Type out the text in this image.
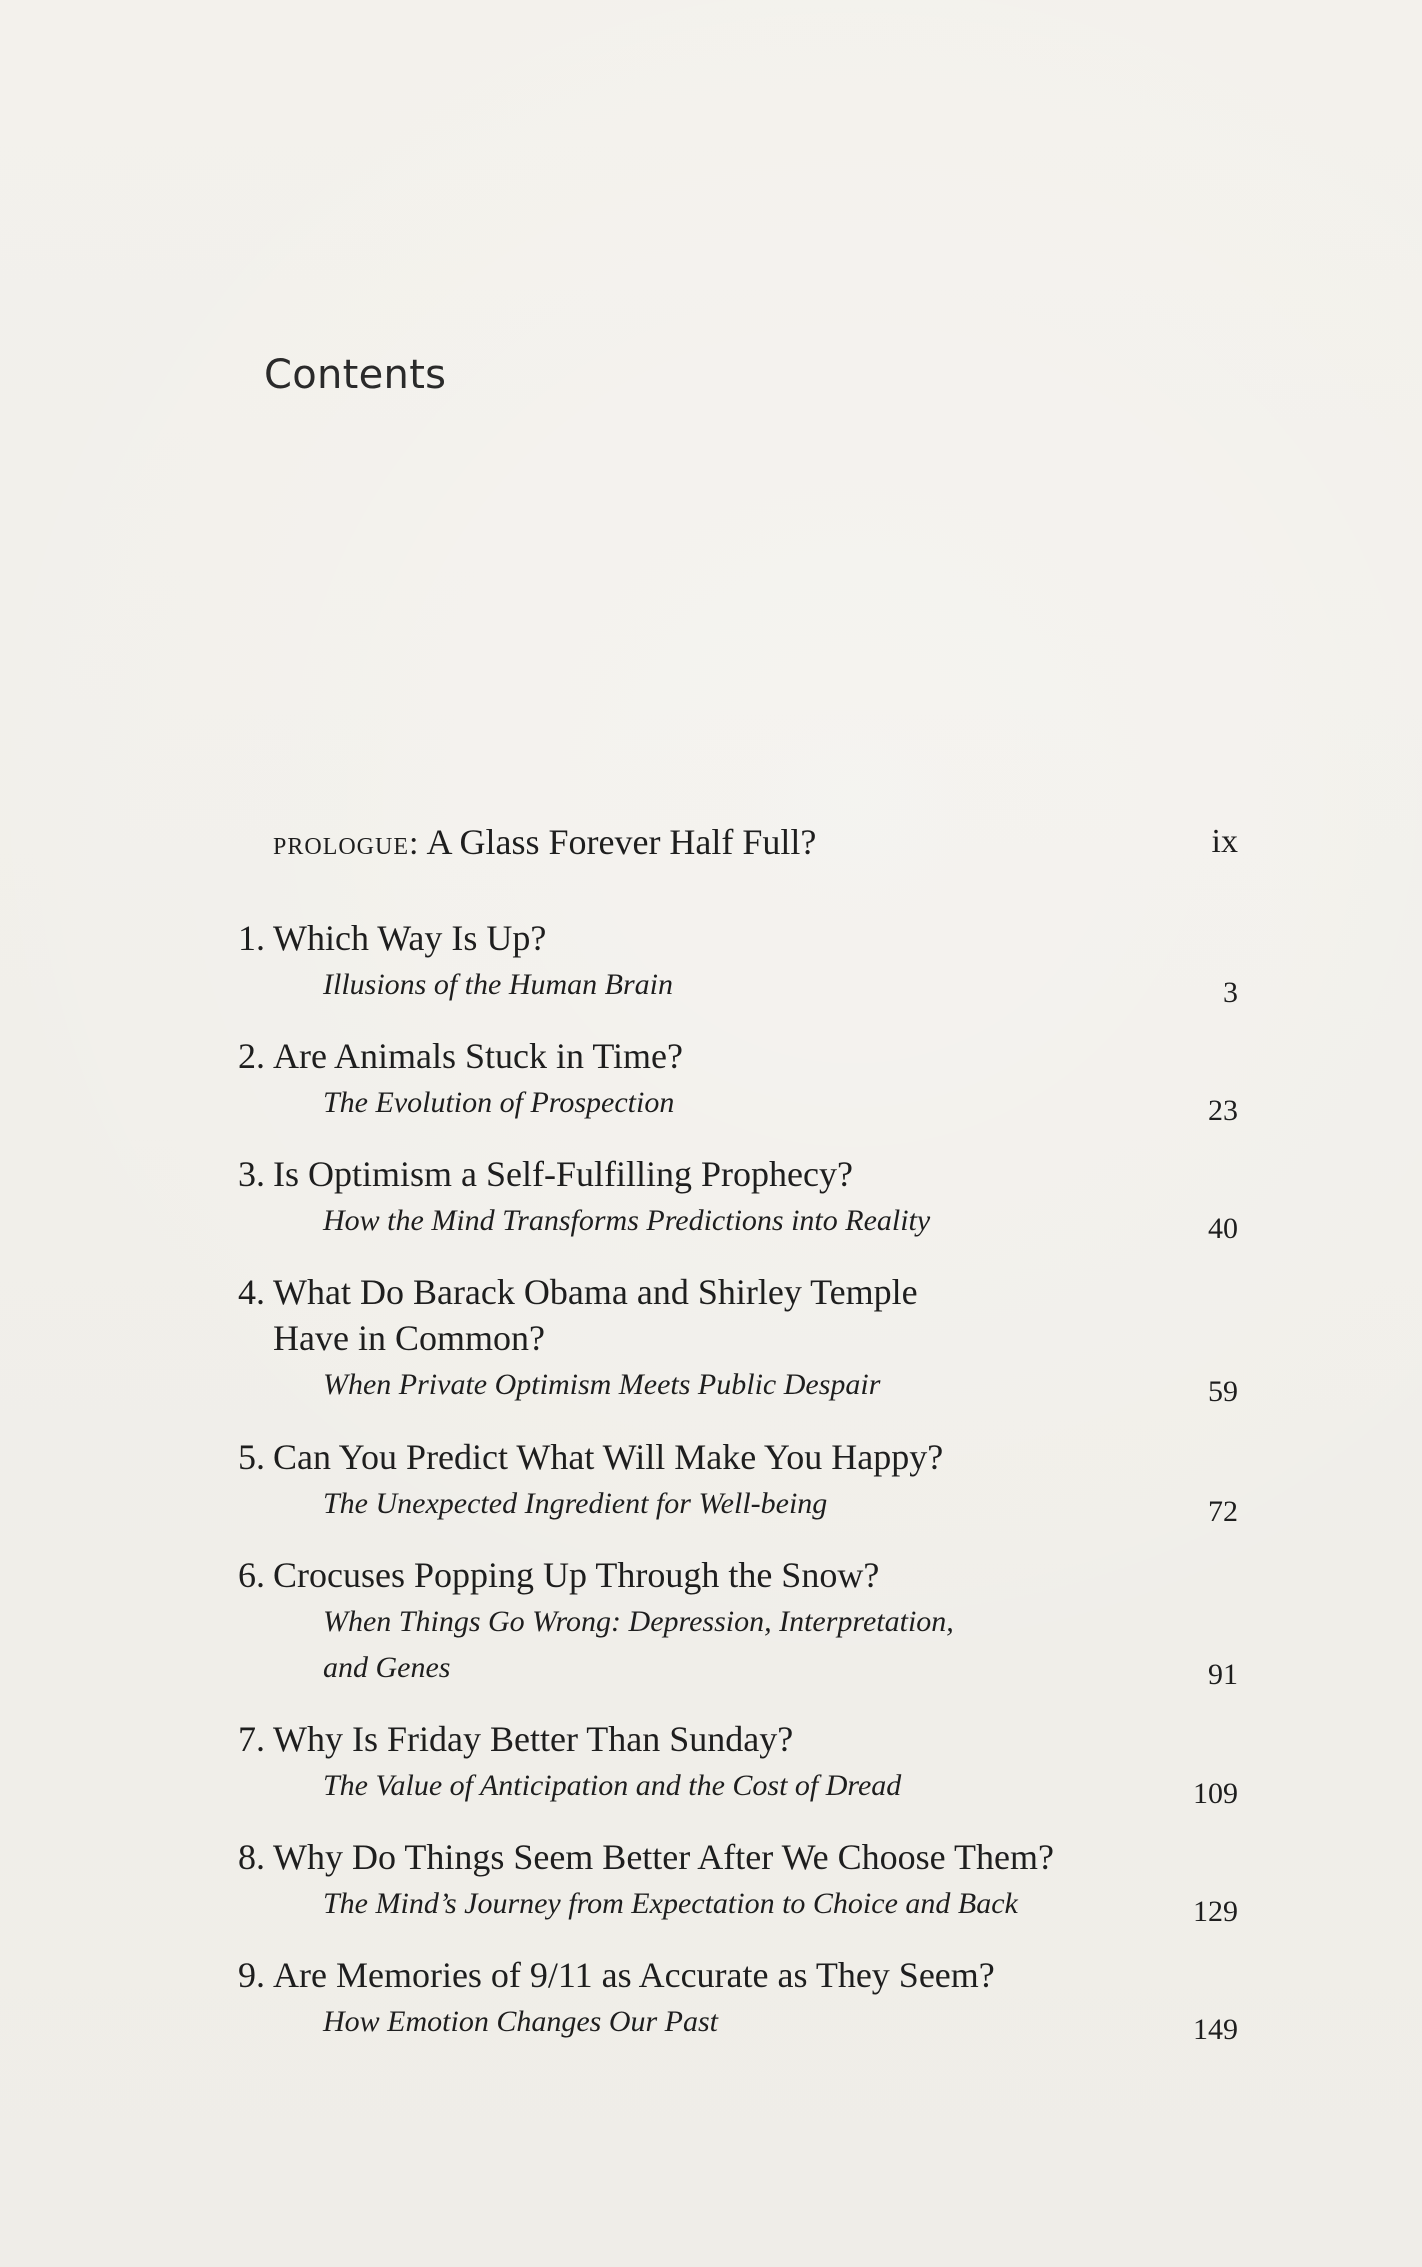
Contents
prologue: A Glass Forever Half Full?	ix
1. Which Way Is Up?
Illusions of the Human Brain	3
2. Are Animals Stuck in Time?
The Evolution of Prospection	23
3. Is Optimism a Self-Fulfilling Prophecy?
How the Mind Transforms Predictions into Reality	40
4. What Do Barack Obama and Shirley Temple
Have in Common?
When Private Optimism Meets Public Despair	59
5. Can You Predict What Will Make You Happy?
The Unexpected Ingredient for Well-being	72
6. Crocuses Popping Up Through the Snow?
When Things Go Wrong: Depression, Interpretation,
and Genes	91
7. Why Is Friday Better Than Sunday?
The Value of Anticipation and the Cost of Dread	109
8. Why Do Things Seem Better After We Choose Them?
The Mind’s Journey from Expectation to Choice and Back	129
9. Are Memories of 9/11 as Accurate as They Seem?
How Emotion Changes Our Past	149
